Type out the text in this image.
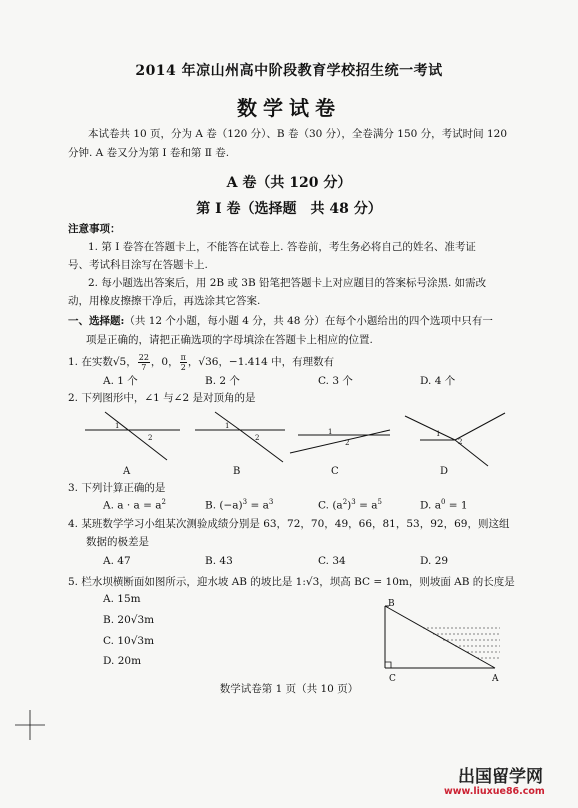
2014 年凉山州高中阶段教育学校招生统一考试
数学试卷
本试卷共 10 页，分为 A 卷（120 分）、B 卷（30 分），全卷满分 150 分，考试时间 120
分钟. A 卷又分为第 Ⅰ 卷和第 Ⅱ 卷.
A 卷（共 120 分）
第 Ⅰ 卷（选择题　共 48 分）
注意事项：
1. 第 Ⅰ 卷答在答题卡上，不能答在试卷上. 答卷前，考生务必将自己的姓名、准考证
号、考试科目涂写在答题卡上.
2. 每小题选出答案后，用 2B 或 3B 铅笔把答题卡上对应题目的答案标号涂黑. 如需改
动，用橡皮擦擦干净后，再选涂其它答案.
一、选择题:（共 12 个小题，每小题 4 分，共 48 分）在每个小题给出的四个选项中只有一
项是正确的，请把正确选项的字母填涂在答题卡上相应的位置.
1. 在实数√5， $\frac{22}{7}$ ，0， $\frac{\pi}{2}$ ，√36，−1.414 中，有理数有
A. 1 个	B. 2 个	C. 3 个	D. 4 个
2. 下列图形中，∠1 与∠2 是对顶角的是
1
2
1
2
1
2
1
2
A	B	C	D
3. 下列计算正确的是
A. $a \cdot a = a^2$	B. $(-a)^3 = a^3$	C. $(a^2)^3 = a^5$	D. $a^0 = 1$
4. 某班数学学习小组某次测验成绩分别是 63，72，70，49，66，81，53，92，69，则这组
数据的极差是
A. 47	B. 43	C. 34	D. 29
5. 栏水坝横断面如图所示，迎水坡 AB 的坡比是 1:√3，坝高 BC = 10m，则坡面 AB 的长度是
A. 15m
B. 20√3m
C. 10√3m
D. 20m
B
C	A
数学试卷第 1 页（共 10 页）
出国留学网
www.liuxue86.com
